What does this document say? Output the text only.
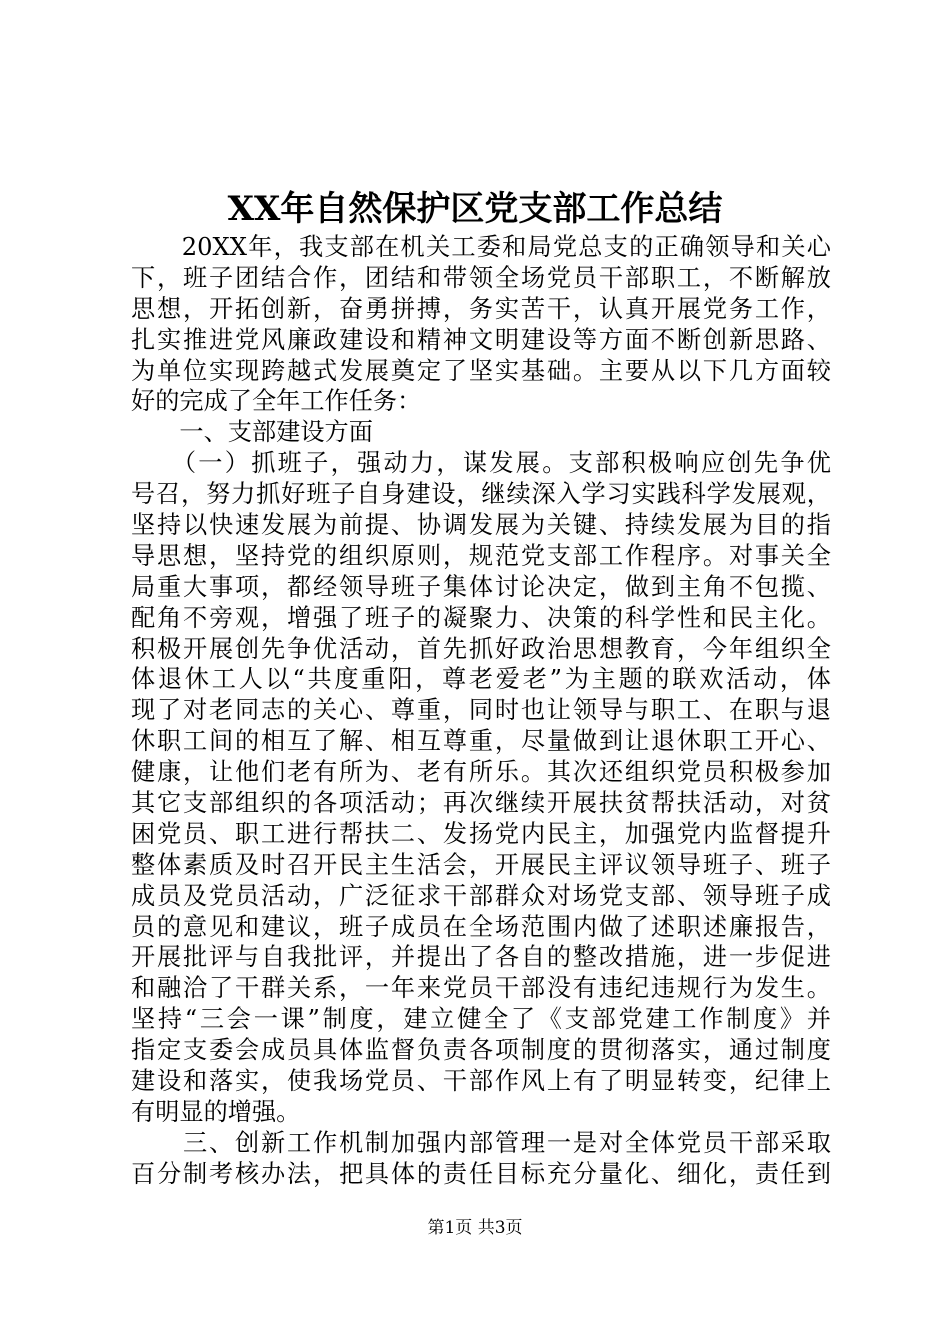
XX年自然保护区党支部工作总结
　　20XX年，我支部在机关工委和局党总支的正确领导和关心
下，班子团结合作，团结和带领全场党员干部职工，不断解放
思想，开拓创新，奋勇拼搏，务实苦干，认真开展党务工作，
扎实推进党风廉政建设和精神文明建设等方面不断创新思路、
为单位实现跨越式发展奠定了坚实基础。主要从以下几方面较
好的完成了全年工作任务：
　　一、支部建设方面
　　（一）抓班子，强动力，谋发展。支部积极响应创先争优
号召，努力抓好班子自身建设，继续深入学习实践科学发展观，
坚持以快速发展为前提、协调发展为关键、持续发展为目的指
导思想，坚持党的组织原则，规范党支部工作程序。对事关全
局重大事项，都经领导班子集体讨论决定，做到主角不包揽、
配角不旁观，增强了班子的凝聚力、决策的科学性和民主化。
积极开展创先争优活动，首先抓好政治思想教育，今年组织全
体退休工人以“共度重阳，尊老爱老”为主题的联欢活动，体
现了对老同志的关心、尊重，同时也让领导与职工、在职与退
休职工间的相互了解、相互尊重，尽量做到让退休职工开心、
健康，让他们老有所为、老有所乐。其次还组织党员积极参加
其它支部组织的各项活动；再次继续开展扶贫帮扶活动，对贫
困党员、职工进行帮扶二、发扬党内民主，加强党内监督提升
整体素质及时召开民主生活会，开展民主评议领导班子、班子
成员及党员活动，广泛征求干部群众对场党支部、领导班子成
员的意见和建议，班子成员在全场范围内做了述职述廉报告，
开展批评与自我批评，并提出了各自的整改措施，进一步促进
和融洽了干群关系，一年来党员干部没有违纪违规行为发生。
坚持“三会一课”制度，建立健全了《支部党建工作制度》并
指定支委会成员具体监督负责各项制度的贯彻落实，通过制度
建设和落实，使我场党员、干部作风上有了明显转变，纪律上
有明显的增强。
　　三、创新工作机制加强内部管理一是对全体党员干部采取
百分制考核办法，把具体的责任目标充分量化、细化，责任到
第1页 共3页
